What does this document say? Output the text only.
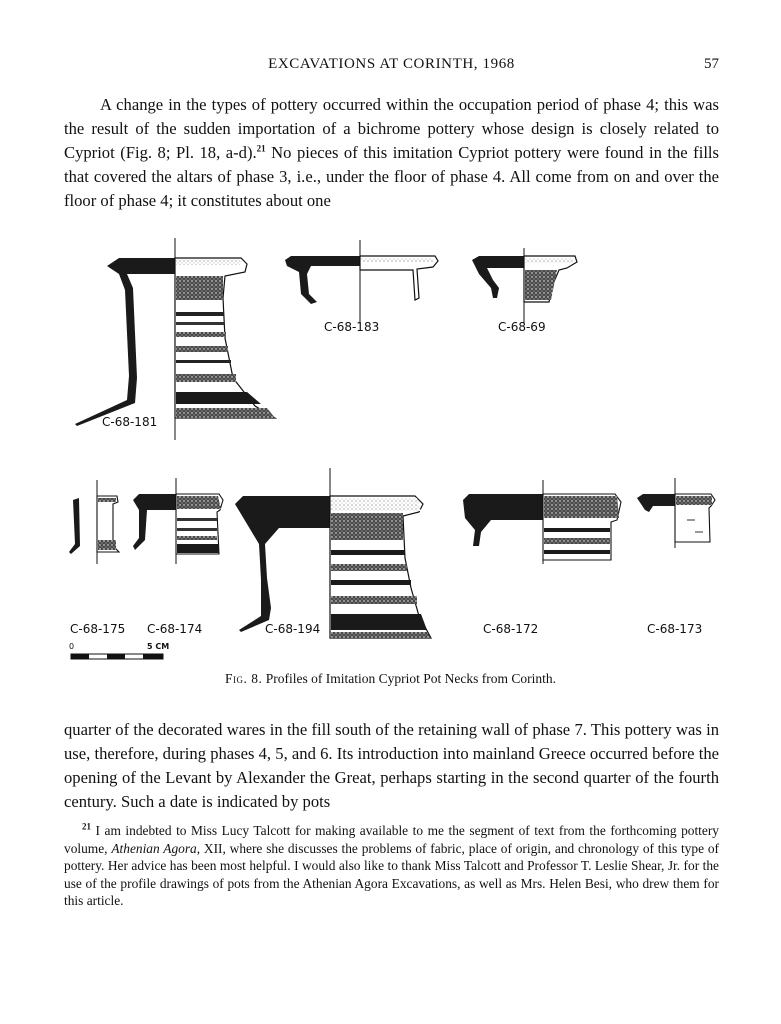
EXCAVATIONS AT CORINTH, 1968	57

A change in the types of pottery occurred within the occupation period of phase 4; this was the result of the sudden importation of a bichrome pottery whose design is closely related to Cypriot (Fig. 8; Pl. 18, a-d).$^{21}$ No pieces of this imitation Cypriot pottery were found in the fills that covered the altars of phase 3, i.e., under the floor of phase 4. All come from on and over the floor of phase 4; it constitutes about one

C-68-181
C-68-183	C-68-69
C-68-175 C-68-174	C-68-194	C-68-172	C-68-173
0	5 CM
Fig. 8. Profiles of Imitation Cypriot Pot Necks from Corinth.

quarter of the decorated wares in the fill south of the retaining wall of phase 7. This pottery was in use, therefore, during phases 4, 5, and 6. Its introduction into mainland Greece occurred before the opening of the Levant by Alexander the Great, perhaps starting in the second quarter of the fourth century. Such a date is indicated by pots

$^{21}$ I am indebted to Miss Lucy Talcott for making available to me the segment of text from the forthcoming pottery volume, Athenian Agora, XII, where she discusses the problems of fabric, place of origin, and chronology of this type of pottery. Her advice has been most helpful. I would also like to thank Miss Talcott and Professor T. Leslie Shear, Jr. for the use of the profile drawings of pots from the Athenian Agora Excavations, as well as Mrs. Helen Besi, who drew them for this article.
